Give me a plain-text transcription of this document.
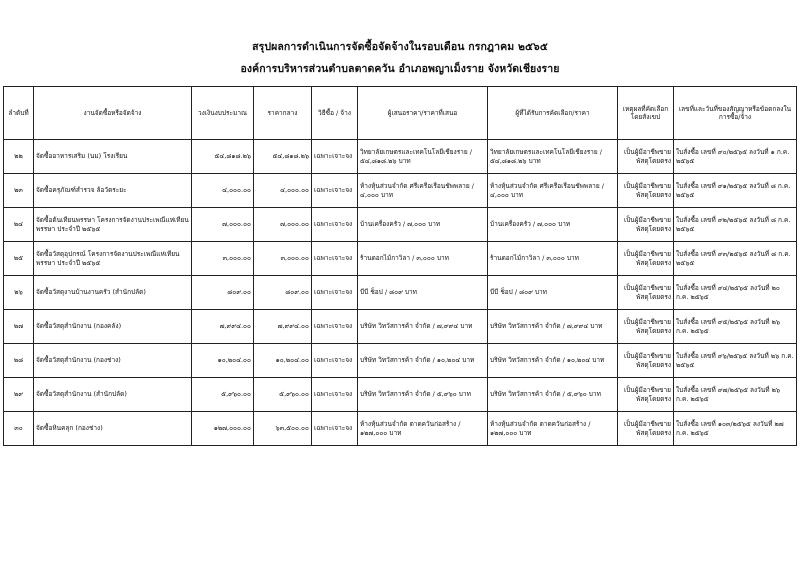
สรุปผลการดำเนินการจัดซื้อจัดจ้างในรอบเดือน กรกฎาคม ๒๕๖๕
องค์การบริหารส่วนตำบลตาดควัน อำเภอพญาเม็งราย จังหวัดเชียงราย
ลำดับที่	งานจัดซื้อหรือจัดจ้าง	วงเงินงบประมาณ	ราคากลาง	วิธีซื้อ / จ้าง	ผู้เสนอราคา/ราคาที่เสนอ	ผู้ที่ได้รับการคัดเลือก/ราคา	เหตุผลที่คัดเลือกโดยสังเขป	เลขที่และวันที่ของสัญญาหรือข้อตกลงในการซื้อ/จ้าง
๒๒	จัดซื้ออาหารเสริม (นม) โรงเรียน	๕๔,๘๑๘.๒๖	๕๔,๘๑๘.๒๖	เฉพาะเจาะจง	วิทยาลัยเกษตรและเทคโนโลยีเชียงราย / ๕๔,๘๑๘.๒๖ บาท	วิทยาลัยเกษตรและเทคโนโลยีเชียงราย / ๕๔,๘๑๘.๒๖ บาท	เป็นผู้มีอาชีพขายพัสดุโดยตรง	ใบสั่งซื้อ เลขที่ ๙๐/๒๕๖๕ ลงวันที่ ๑ ก.ค. ๒๕๖๕
๒๓	จัดซื้อครุภัณฑ์สำรวจ ล้อวัดระยะ	๔,๐๐๐.๐๐	๔,๐๐๐.๐๐	เฉพาะเจาะจง	ห้างหุ้นส่วนจำกัด ศรีเครือเรือนชัพพลาย / ๔,๐๐๐ บาท	ห้างหุ้นส่วนจำกัด ศรีเครือเรือนชัพพลาย / ๔,๐๐๐ บาท	เป็นผู้มีอาชีพขายพัสดุโดยตรง	ใบสั่งซื้อ เลขที่ ๙๑/๒๕๖๕ ลงวันที่ ๘ ก.ค. ๒๕๖๕
๒๔	จัดซื้อต้นเทียนพรรษา โครงการจัดงานประเพณีแห่เทียนพรรษา ประจำปี ๒๕๖๕	๗,๐๐๐.๐๐	๗,๐๐๐.๐๐	เฉพาะเจาะจง	บ้านเครื่องครัว / ๗,๐๐๐ บาท	บ้านเครื่องครัว / ๗,๐๐๐ บาท	เป็นผู้มีอาชีพขายพัสดุโดยตรง	ใบสั่งซื้อ เลขที่ ๙๒/๒๕๖๕ ลงวันที่ ๘ ก.ค. ๒๕๖๕
๒๕	จัดซื้อวัสดุอุปกรณ์ โครงการจัดงานประเพณีแห่เทียนพรรษา ประจำปี ๒๕๖๕	๓,๐๐๐.๐๐	๓,๐๐๐.๐๐	เฉพาะเจาะจง	ร้านดอกไม้กาวิลา / ๓,๐๐๐ บาท	ร้านดอกไม้กาวิลา / ๓,๐๐๐ บาท	เป็นผู้มีอาชีพขายพัสดุโดยตรง	ใบสั่งซื้อ เลขที่ ๙๓/๒๕๖๕ ลงวันที่ ๘ ก.ค. ๒๕๖๕
๒๖	จัดซื้อวัสดุงานบ้านงานครัว (สำนักปลัด)	๘๐๙.๐๐	๘๐๙.๐๐	เฉพาะเจาะจง	บีบี ช็อป / ๘๐๙ บาท	บีบี ช็อป / ๘๐๙ บาท	เป็นผู้มีอาชีพขายพัสดุโดยตรง	ใบสั่งซื้อ เลขที่ ๙๔/๒๕๖๕ ลงวันที่ ๒๐ ก.ค. ๒๕๖๕
๒๗	จัดซื้อวัสดุสำนักงาน (กองคลัง)	๗,๙๙๔.๐๐	๗,๙๙๔.๐๐	เฉพาะเจาะจง	บริษัท วิทวัสการค้า จำกัด / ๗,๙๙๔ บาท	บริษัท วิทวัสการค้า จำกัด / ๗,๙๙๔ บาท	เป็นผู้มีอาชีพขายพัสดุโดยตรง	ใบสั่งซื้อ เลขที่ ๙๕/๒๕๖๕ ลงวันที่ ๒๖ ก.ค. ๒๕๖๕
๒๘	จัดซื้อวัสดุสำนักงาน (กองช่าง)	๑๐,๒๐๔.๐๐	๑๐,๒๐๔.๐๐	เฉพาะเจาะจง	บริษัท วิทวัสการค้า จำกัด / ๑๐,๒๐๔ บาท	บริษัท วิทวัสการค้า จำกัด / ๑๐,๒๐๔ บาท	เป็นผู้มีอาชีพขายพัสดุโดยตรง	ใบสั่งซื้อ เลขที่ ๙๖/๒๕๖๕ ลงวันที่ ๒๖ ก.ค. ๒๕๖๕
๒๙	จัดซื้อวัสดุสำนักงาน (สำนักปลัด)	๕,๙๖๐.๐๐	๕,๙๖๐.๐๐	เฉพาะเจาะจง	บริษัท วิทวัสการค้า จำกัด / ๕,๙๖๐ บาท	บริษัท วิทวัสการค้า จำกัด / ๕,๙๖๐ บาท	เป็นผู้มีอาชีพขายพัสดุโดยตรง	ใบสั่งซื้อ เลขที่ ๙๗/๒๕๖๕ ลงวันที่ ๒๖ ก.ค. ๒๕๖๕
๓๐	จัดซื้อหินคลุก (กองช่าง)	๑๒๗,๐๐๐.๐๐	๖๓,๕๐๐.๐๐	เฉพาะเจาะจง	ห้างหุ้นส่วนจำกัด ตาดควันก่อสร้าง / ๑๒๗,๐๐๐ บาท	ห้างหุ้นส่วนจำกัด ตาดควันก่อสร้าง / ๑๒๗,๐๐๐ บาท	เป็นผู้มีอาชีพขายพัสดุโดยตรง	ใบสั่งซื้อ เลขที่ ๑๐๓/๒๕๖๕ ลงวันที่ ๒๗ ก.ค. ๒๕๖๕
